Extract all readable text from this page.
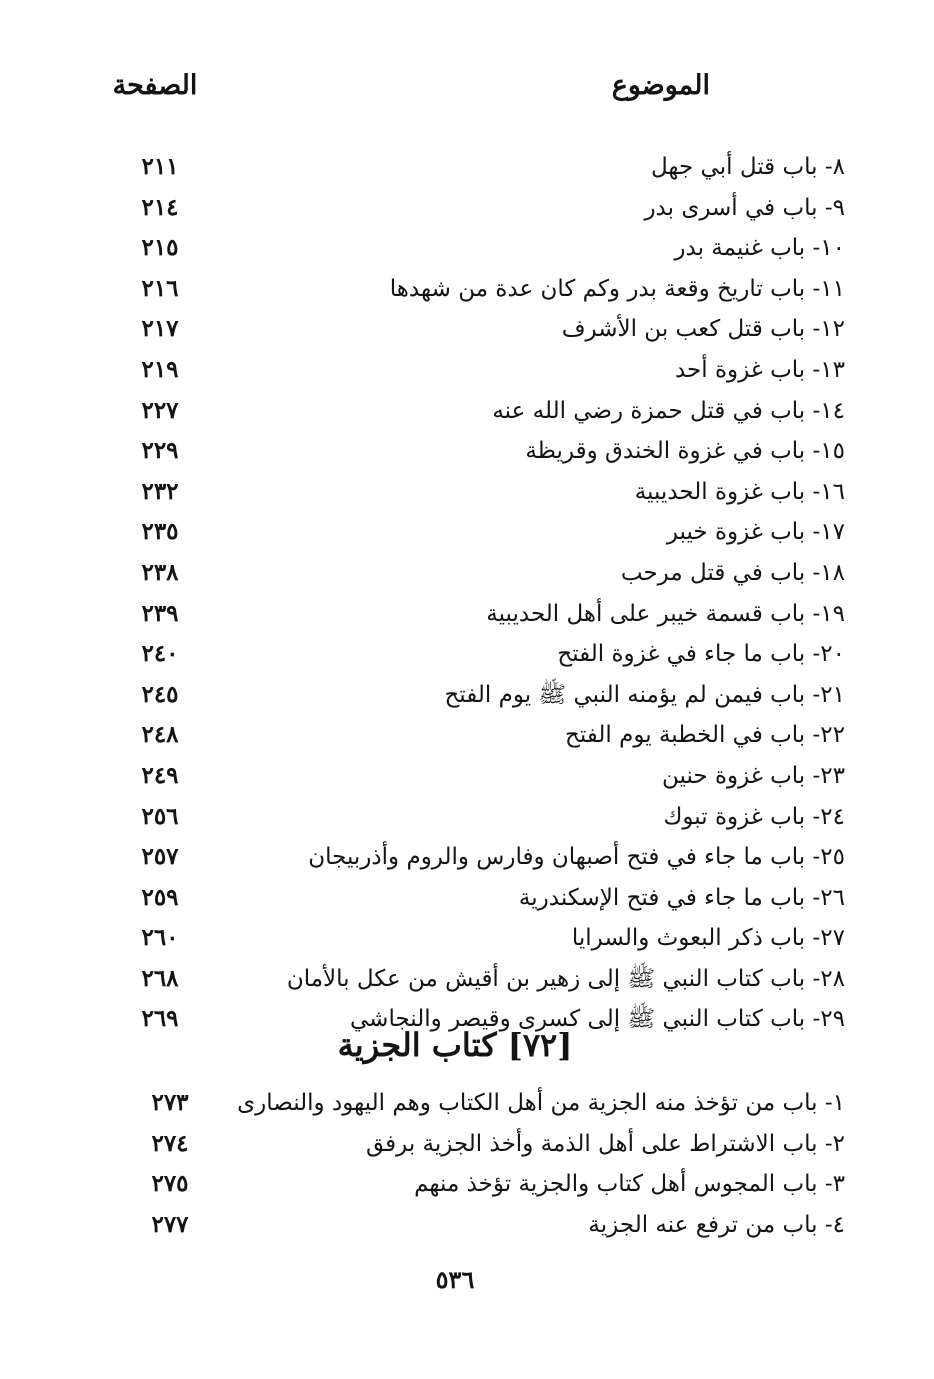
الموضوع
الصفحة
٨- باب قتل أبي جهل
٢١١
٩- باب في أسرى بدر
٢١٤
١٠- باب غنيمة بدر
٢١٥
١١- باب تاريخ وقعة بدر وكم كان عدة من شهدها
٢١٦
١٢- باب قتل كعب بن الأشرف
٢١٧
١٣- باب غزوة أحد
٢١٩
١٤- باب في قتل حمزة رضي الله عنه
٢٢٧
١٥- باب في غزوة الخندق وقريظة
٢٢٩
١٦- باب غزوة الحديبية
٢٣٢
١٧- باب غزوة خيبر
٢٣٥
١٨- باب في قتل مرحب
٢٣٨
١٩- باب قسمة خيبر على أهل الحديبية
٢٣٩
٢٠- باب ما جاء في غزوة الفتح
٢٤٠
٢١- باب فيمن لم يؤمنه النبي ﷺ يوم الفتح
٢٤٥
٢٢- باب في الخطبة يوم الفتح
٢٤٨
٢٣- باب غزوة حنين
٢٤٩
٢٤- باب غزوة تبوك
٢٥٦
٢٥- باب ما جاء في فتح أصبهان وفارس والروم وأذربيجان
٢٥٧
٢٦- باب ما جاء في فتح الإسكندرية
٢٥٩
٢٧- باب ذكر البعوث والسرايا
٢٦٠
٢٨- باب كتاب النبي ﷺ إلى زهير بن أقيش من عكل بالأمان
٢٦٨
٢٩- باب كتاب النبي ﷺ إلى كسرى وقيصر والنجاشي
٢٦٩
[٧٢] كتاب الجزية
١- باب من تؤخذ منه الجزية من أهل الكتاب وهم اليهود والنصارى
٢٧٣
٢- باب الاشتراط على أهل الذمة وأخذ الجزية برفق
٢٧٤
٣- باب المجوس أهل كتاب والجزية تؤخذ منهم
٢٧٥
٤- باب من ترفع عنه الجزية
٢٧٧
٥٣٦
